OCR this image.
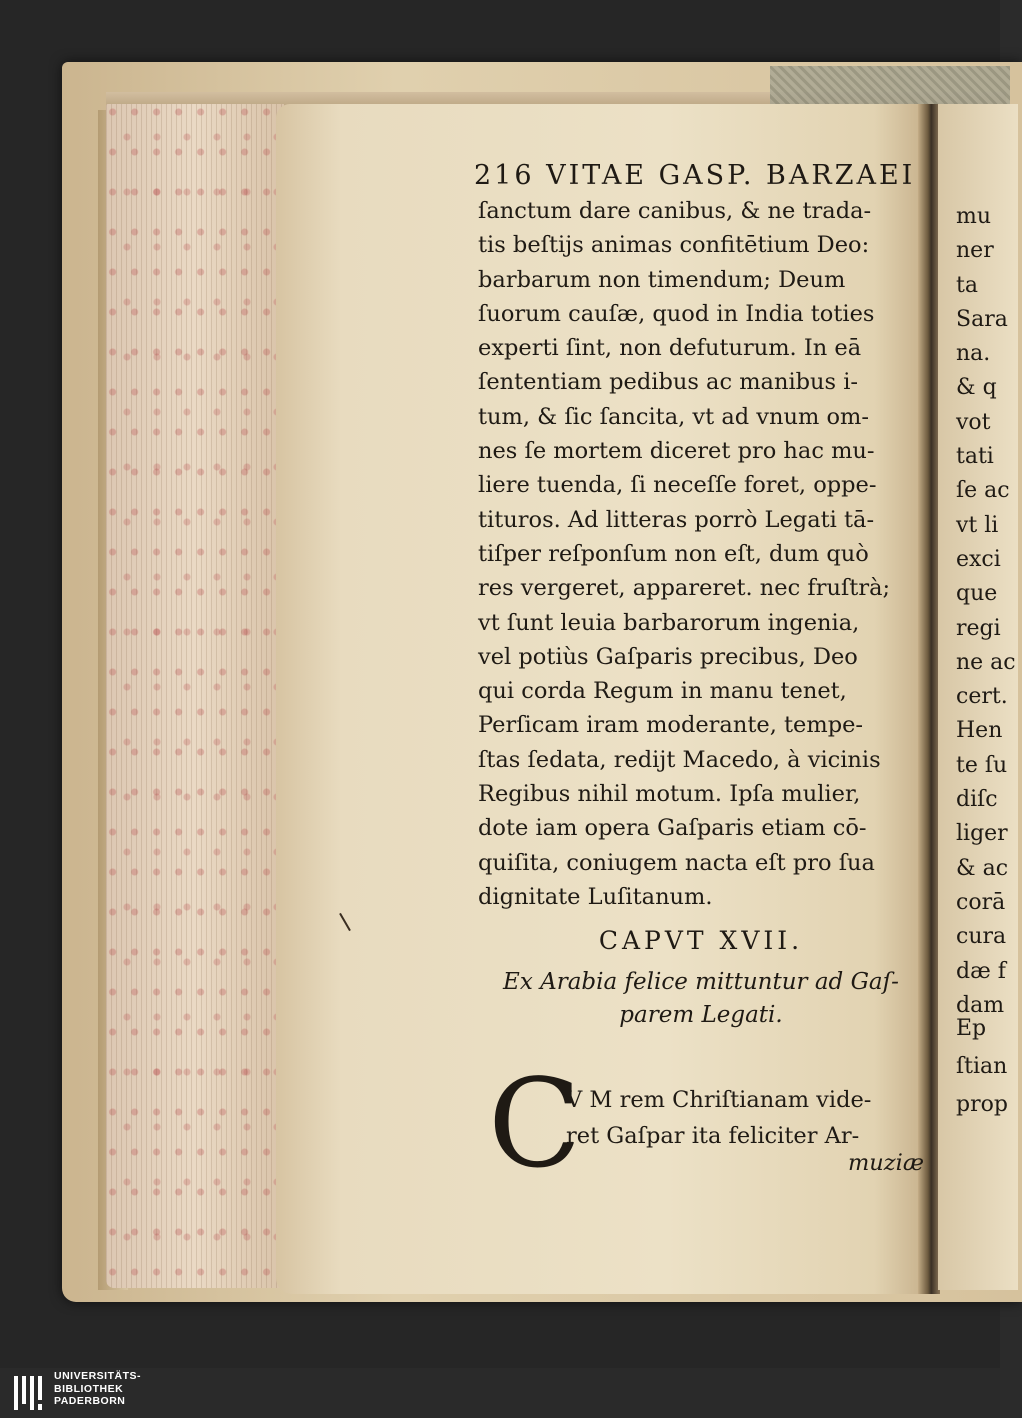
216 VITAE GASP. BARZAEI
ſanctum dare canibus, & ne trada-
tis beſtijs animas confitētium Deo:
barbarum non timendum; Deum
ſuorum cauſæ, quod in India toties
experti ſint, non defuturum. In eā
ſententiam pedibus ac manibus i-
tum, & ſic ſancita, vt ad vnum om-
nes ſe mortem diceret pro hac mu-
liere tuenda, ſi neceſſe foret, oppe-
tituros. Ad litteras porrò Legati tā-
tiſper reſponſum non eſt, dum quò
res vergeret, appareret. nec fruſtrà;
vt ſunt leuia barbarorum ingenia,
vel potiùs Gaſparis precibus, Deo
qui corda Regum in manu tenet,
Perſicam iram moderante, tempe-
ſtas ſedata, redijt Macedo, à vicinis
Regibus nihil motum. Ipſa mulier,
dote iam opera Gaſparis etiam cō-
quiſita, coniugem nacta eſt pro ſua
dignitate Luſitanum.
CAPVT XVII.
Ex Arabia felice mittuntur ad Gaſ-
parem Legati.
C
V M rem Chriſtianam vide-
ret Gaſpar ita feliciter Ar-
muziæ
mu
ner
ta
Sara
na.
& q
vot
tati
ſe ac
vt li
exci
que
regi
ne ac
cert.
Hen
te ſu
diſc
liger
& ac
corā
cura
dæ f
dam
Ep
ſtian
prop
UNIVERSITÄTS-
BIBLIOTHEK
PADERBORN
